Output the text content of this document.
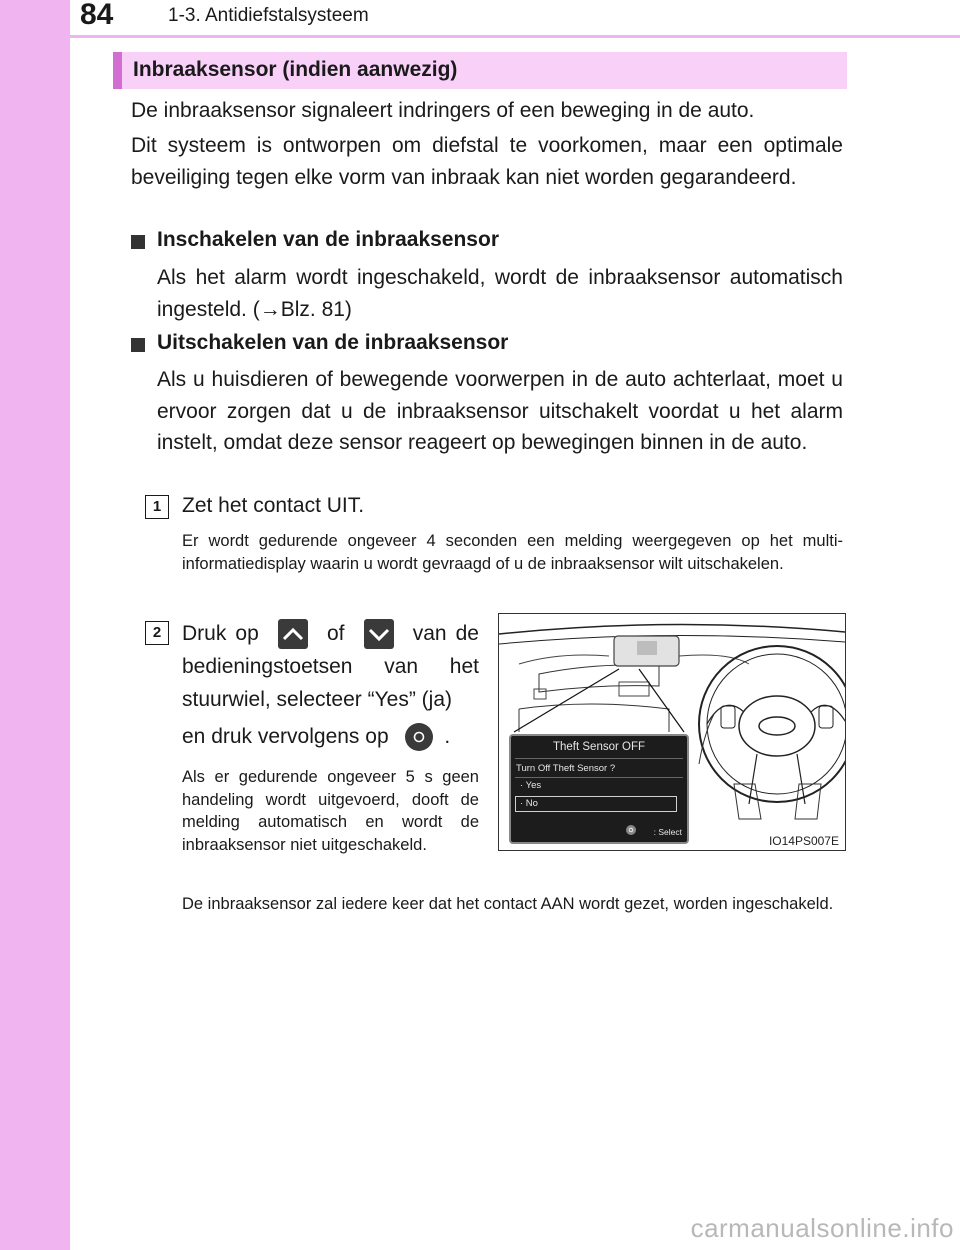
84	1-3. Antidiefstalsysteem
Inbraaksensor (indien aanwezig)
De inbraaksensor signaleert indringers of een beweging in de auto.
Dit systeem is ontworpen om diefstal te voorkomen, maar een optimale beveiliging tegen elke vorm van inbraak kan niet worden gegarandeerd.
Inschakelen van de inbraaksensor
Als het alarm wordt ingeschakeld, wordt de inbraaksensor automatisch ingesteld. (→Blz. 81)
Uitschakelen van de inbraaksensor
Als u huisdieren of bewegende voorwerpen in de auto achterlaat, moet u ervoor zorgen dat u de inbraaksensor uitschakelt voordat u het alarm instelt, omdat deze sensor reageert op bewegingen binnen in de auto.
1 Zet het contact UIT.
Er wordt gedurende ongeveer 4 seconden een melding weergegeven op het multi-informatiedisplay waarin u wordt gevraagd of u de inbraaksensor wilt uitschakelen.
2 Druk op	of	van de bedieningstoetsen van het stuurwiel, selecteer “Yes” (ja)
en druk vervolgens op	.
Als er gedurende ongeveer 5 s geen handeling wordt uitgevoerd, dooft de melding automatisch en wordt de inbraaksensor niet uitgeschakeld.
De inbraaksensor zal iedere keer dat het contact AAN wordt gezet, worden ingeschakeld.
Theft Sensor OFF
Turn Off Theft Sensor ?
· Yes
· No
: Select
IO14PS007E
carmanualsonline.info
